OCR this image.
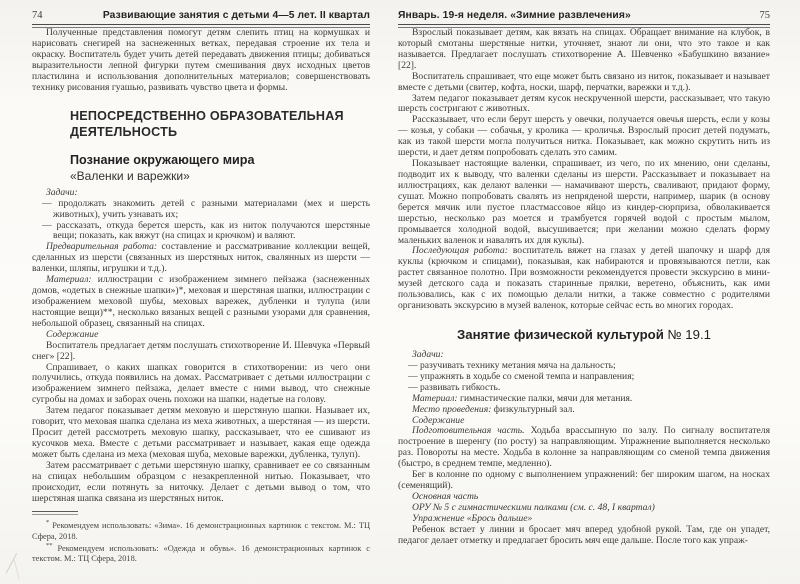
74	Развивающие занятия с детьми 4—5 лет. II квартал

Полученные представления помогут детям слепить птиц на кормушках и нарисовать снегирей на заснеженных ветках, передавая строение их тела и окраску. Воспитатель будет учить детей передавать движения птицы; добиваться выразительности лепной фигурки путем смешивания двух исходных цветов пластилина и использования дополнительных материалов; совершенствовать технику рисования гуашью, развивать чувство цвета и формы.

НЕПОСРЕДСТВЕННО ОБРАЗОВАТЕЛЬНАЯ ДЕЯТЕЛЬНОСТЬ
Познание окружающего мира
«Валенки и варежки»

Задачи:

— продолжать знакомить детей с разными материалами (мех и шерсть животных), учить узнавать их;

— рассказать, откуда берется шерсть, как из ниток получаются шерстяные вещи; показать, как вяжут (на спицах и крючком) и валяют.

Предварительная работа: составление и рассматривание коллекции вещей, сделанных из шерсти (связанных из шерстяных ниток, свалянных из шерсти — валенки, шляпы, игрушки и т.д.).

Материал: иллюстрации с изображением зимнего пейзажа (заснеженных домов, «одетых в снежные шапки»)*, меховая и шерстяная шапки, иллюстрации с изображением меховой шубы, меховых варежек, дубленки и тулупа (или настоящие вещи)**, несколько вязаных вещей с разными узорами для сравнения, небольшой образец, связанный на спицах.

Содержание

Воспитатель предлагает детям послушать стихотворение И. Шевчука «Первый снег» [22].

Спрашивает, о каких шапках говорится в стихотворении: из чего они получились, откуда появились на домах. Рассматривает с детьми иллюстрации с изображением зимнего пейзажа, делает вместе с ними вывод, что снежные сугробы на домах и заборах очень похожи на шапки, надетые на голову.

Затем педагог показывает детям меховую и шерстяную шапки. Называет их, говорит, что меховая шапка сделана из меха животных, а шерстяная — из шерсти. Просит детей рассмотреть меховую шапку, рассказывает, что ее сшивают из кусочков меха. Вместе с детьми рассматривает и называет, какая еще одежда может быть сделана из меха (меховая шуба, меховые варежки, дубленка, тулуп).

Затем рассматривает с детьми шерстяную шапку, сравнивает ее со связанным на спицах небольшим образцом с незакрепленной нитью. Показывает, что происходит, если потянуть за ниточку. Делает с детьми вывод о том, что шерстяная шапка связана из шерстяных ниток.

* Рекомендуем использовать: «Зима». 16 демонстрационных картинок с текстом. М.: ТЦ Сфера, 2018.

** Рекомендуем использовать: «Одежда и обувь». 16 демонстрационных картинок с текстом. М.: ТЦ Сфера, 2018.

Январь. 19-я неделя. «Зимние развлечения»	75

Взрослый показывает детям, как вязать на спицах. Обращает внимание на клубок, в который смотаны шерстяные нитки, уточняет, знают ли они, что это такое и как называется. Предлагает послушать стихотворение А. Шевченко «Бабушкино вязание» [22].

Воспитатель спрашивает, что еще может быть связано из ниток, показывает и называет вместе с детьми (свитер, кофта, носки, шарф, перчатки, варежки и т.д.).

Затем педагог показывает детям кусок нескрученной шерсти, рассказывает, что такую шерсть состригают с животных.

Рассказывает, что если берут шерсть у овечки, получается овечья шерсть, если у козы — козья, у собаки — собачья, у кролика — кроличья. Взрослый просит детей подумать, как из такой шерсти могла получиться нитка. Показывает, как можно скрутить нить из шерсти, и дает детям попробовать сделать это самим.

Показывает настоящие валенки, спрашивает, из чего, по их мнению, они сделаны, подводит их к выводу, что валенки сделаны из шерсти. Рассказывает и показывает на иллюстрациях, как делают валенки — намачивают шерсть, сваливают, придают форму, сушат. Можно попробовать свалять из непряденой шерсти, например, шарик (в основу берется мячик или пустое пластмассовое яйцо из киндер-сюрприза, обволакивается шерстью, несколько раз моется и трамбуется горячей водой с простым мылом, промывается холодной водой, высушивается; при желании можно сделать форму маленьких валенок и навалять их для куклы).

Последующая работа: воспитатель вяжет на глазах у детей шапочку и шарф для куклы (крючком и спицами), показывая, как набираются и провязываются петли, как растет связанное полотно. При возможности рекомендуется провести экскурсию в мини-музей детского сада и показать старинные прялки, веретено, объяснить, как ими пользовались, как с их помощью делали нитки, а также совместно с родителями организовать экскурсию в музей валенок, которые сейчас есть во многих городах.

Занятие физической культурой № 19.1

Задачи:

— разучивать технику метания мяча на дальность;

— упражнять в ходьбе со сменой темпа и направления;

— развивать гибкость.

Материал: гимнастические палки, мячи для метания.

Место проведения: физкультурный зал.

Содержание

Подготовительная часть. Ходьба врассыпную по залу. По сигналу воспитателя построение в шеренгу (по росту) за направляющим. Упражнение выполняется несколько раз. Повороты на месте. Ходьба в колонне за направляющим со сменой темпа движения (быстро, в среднем темпе, медленно).

Бег в колонне по одному с выполнением упражнений: бег широким шагом, на носках (семенящий).

Основная часть

ОРУ № 5 с гимнастическими палками (см. с. 48, I квартал)

Упражнение «Брось дальше»

Ребенок встает у линии и бросает мяч вперед удобной рукой. Там, где он упадет, педагог делает отметку и предлагает бросить мяч еще дальше. После того как упраж-
